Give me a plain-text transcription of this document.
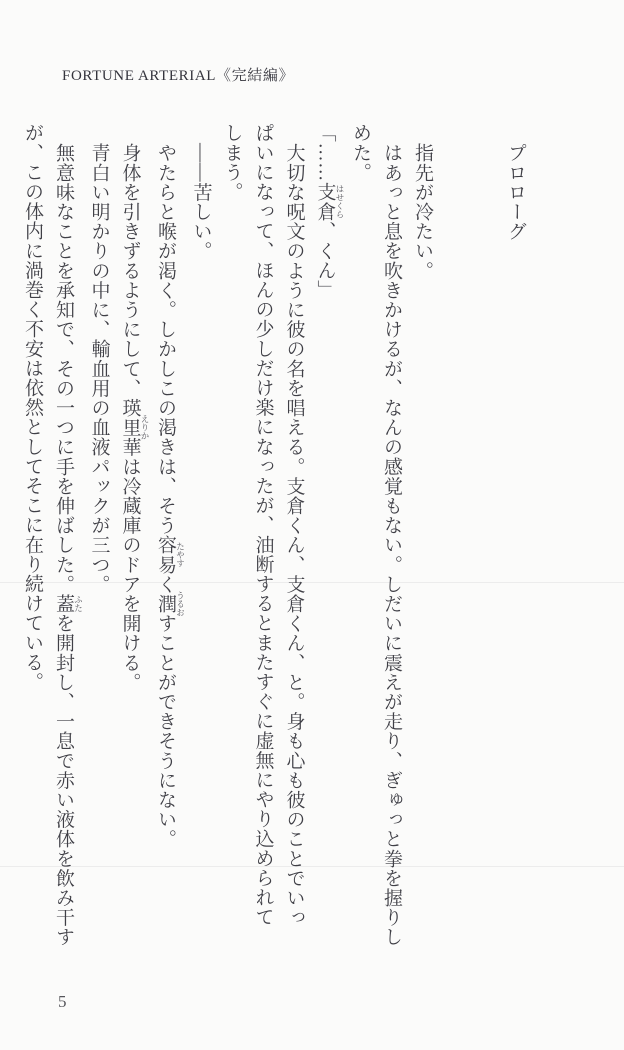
FORTUNE ARTERIAL《完結編》

プロローグ

指先が冷たい。

はあっと息を吹きかけるが、なんの感覚もない。しだいに震えが走り、ぎゅっと拳を握りし
めた。

「……支倉 はせくら、くん」

大切な呪文のように彼の名を唱える。支倉くん、支倉くん、と。身も心も彼のことでいっ
ぱいになって、ほんの少しだけ楽になったが、油断するとまたすぐに虚無にやり込められて
しまう。

――苦しい。

やたらと喉が渇く。しかしこの渇きは、そう容易 たやすく潤 うるおすことができそうにない。

身体を引きずるようにして、瑛里華 えりかは冷蔵庫のドアを開ける。

青白い明かりの中に、輸血用の血液パックが三つ。

無意味なことを承知で、その一つに手を伸ばした。蓋 ふたを開封し、一息で赤い液体を飲み干す
が、この体内に渦巻く不安は依然としてそこに在り続けている。

5
